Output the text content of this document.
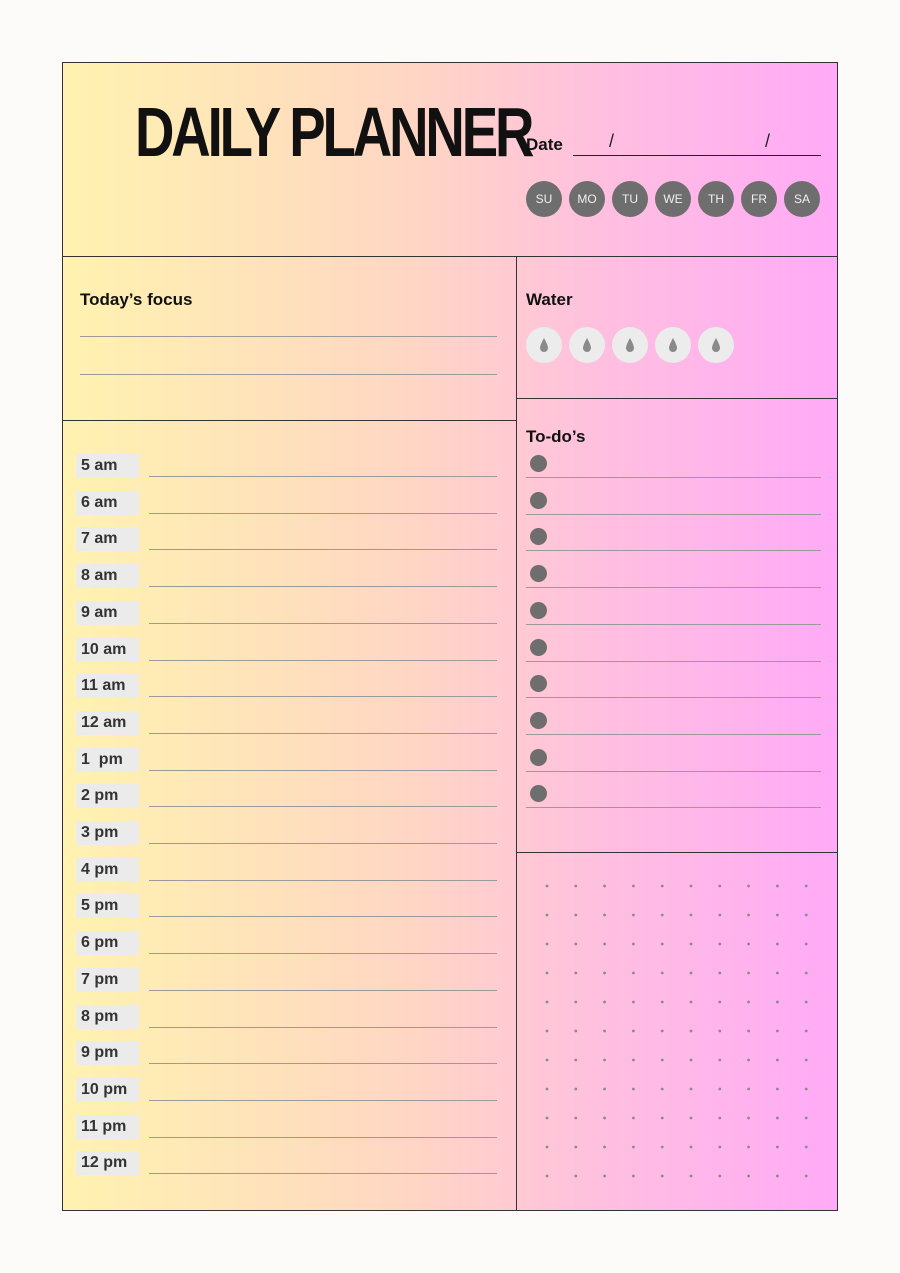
DAILY PLANNER
Date	/	/
SU	MO	TU	WE	TH	FR	SA
Today’s focus	Water
To-do’s
5 am
6 am
7 am
8 am
9 am
10 am
11 am
12 am
1  pm
2 pm
3 pm
4 pm
5 pm
6 pm
7 pm
8 pm
9 pm
10 pm
11 pm
12 pm
